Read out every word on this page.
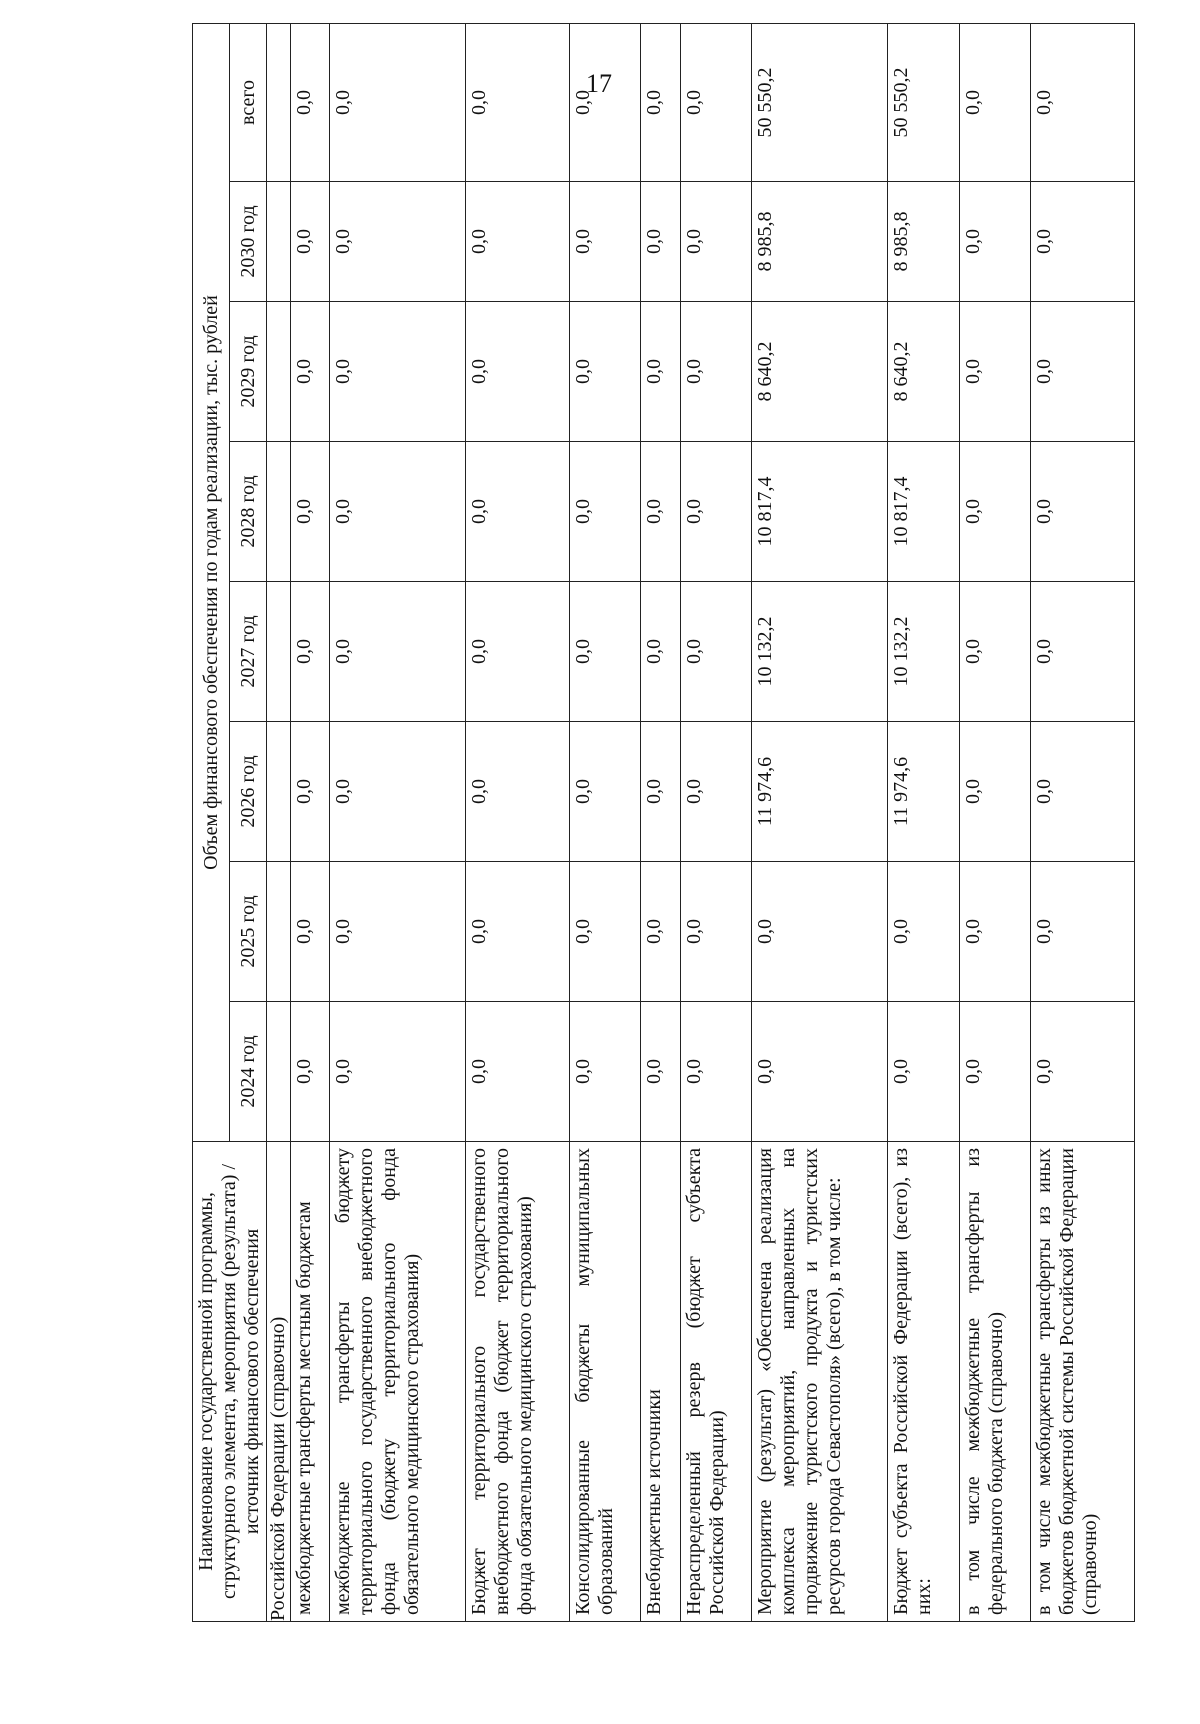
17
Наименование государственной программы, структурного элемента, мероприятия (результата) / источник финансового обеспечения	Объем финансового обеспечения по годам реализации, тыс. рублей							
	2024 год	2025 год	2026 год	2027 год	2028 год	2029 год	2030 год	всего
Российской Федерации (справочно)								
межбюджетные трансферты местным бюджетам	0,0	0,0	0,0	0,0	0,0	0,0	0,0	0,0
межбюджетные трансферты бюджету территориального государственного внебюджетного фонда (бюджету территориального фонда обязательного медицинского страхования)	0,0	0,0	0,0	0,0	0,0	0,0	0,0	0,0
Бюджет территориального государственного внебюджетного фонда (бюджет территориального фонда обязательного медицинского страхования)	0,0	0,0	0,0	0,0	0,0	0,0	0,0	0,0
Консолидированные бюджеты муниципальных образований	0,0	0,0	0,0	0,0	0,0	0,0	0,0	0,0
Внебюджетные источники	0,0	0,0	0,0	0,0	0,0	0,0	0,0	0,0
Нераспределенный резерв (бюджет субъекта Российской Федерации)	0,0	0,0	0,0	0,0	0,0	0,0	0,0	0,0
Мероприятие (результат) «Обеспечена реализация комплекса мероприятий, направленных на продвижение туристского продукта и туристских ресурсов города Севастополя» (всего), в том числе:	0,0	0,0	11 974,6	10 132,2	10 817,4	8 640,2	8 985,8	50 550,2
Бюджет субъекта Российской Федерации (всего), из них:	0,0	0,0	11 974,6	10 132,2	10 817,4	8 640,2	8 985,8	50 550,2
в том числе межбюджетные трансферты из федерального бюджета (справочно)	0,0	0,0	0,0	0,0	0,0	0,0	0,0	0,0
в том числе межбюджетные трансферты из иных бюджетов бюджетной системы Российской Федерации (справочно)	0,0	0,0	0,0	0,0	0,0	0,0	0,0	0,0
